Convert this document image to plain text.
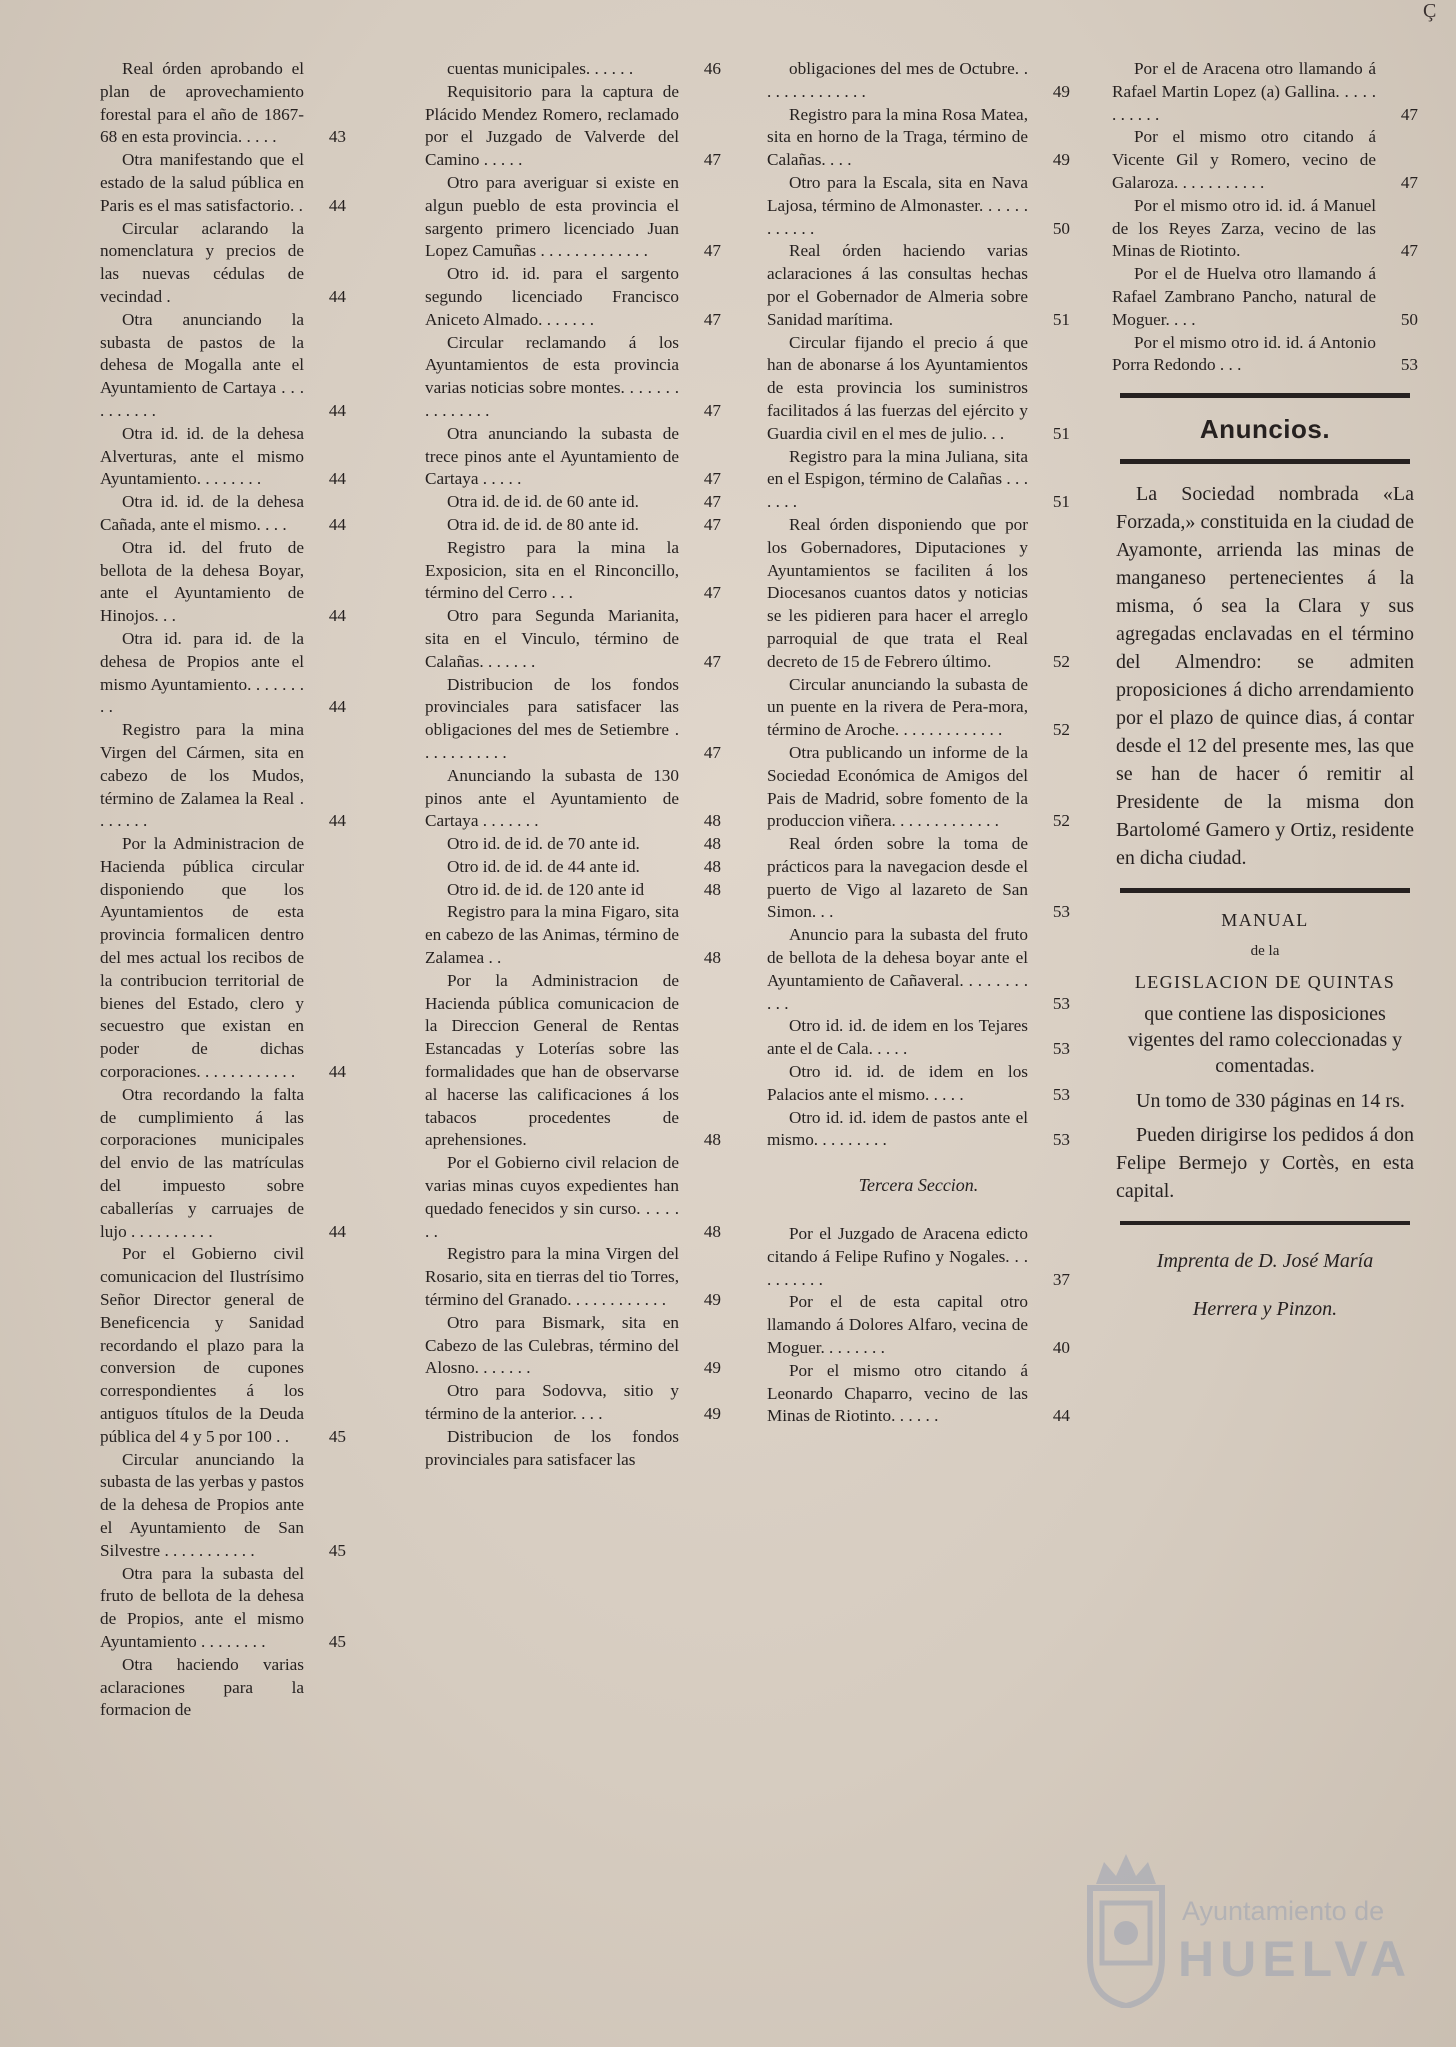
Real órden aprobando el plan de aprovechamiento forestal para el año de 1867-68 en esta provincia. . . . .	43
Otra manifestando que el estado de la salud pública en Paris es el mas satisfactorio. .	44
Circular aclarando la nomenclatura y precios de las nuevas cédulas de vecindad .	44
Otra anunciando la subasta de pastos de la dehesa de Mogalla ante el Ayuntamiento de Cartaya . . . . . . . . . .	44
Otra id. id. de la dehesa Alverturas, ante el mismo Ayuntamiento. . . . . . . .	44
Otra id. id. de la dehesa Cañada, ante el mismo. . . .	44
Otra id. del fruto de bellota de la dehesa Boyar, ante el Ayuntamiento de Hinojos. . .	44
Otra id. para id. de la dehesa de Propios ante el mismo Ayuntamiento. . . . . . . . .	44
Registro para la mina Virgen del Cármen, sita en cabezo de los Mudos, término de Zalamea la Real . . . . . . .	44
Por la Administracion de Hacienda pública circular disponiendo que los Ayuntamientos de esta provincia formalicen dentro del mes actual los recibos de la contribucion territorial de bienes del Estado, clero y secuestro que existan en poder de dichas corporaciones. . . . . . . . . . . .	44
Otra recordando la falta de cumplimiento á las corporaciones municipales del envio de las matrículas del impuesto sobre caballerías y carruajes de lujo . . . . . . . . . .	44
Por el Gobierno civil comunicacion del Ilustrísimo Señor Director general de Beneficencia y Sanidad recordando el plazo para la conversion de cupones correspondientes á los antiguos títulos de la Deuda pública del 4 y 5 por 100 . .	45
Circular anunciando la subasta de las yerbas y pastos de la dehesa de Propios ante el Ayuntamiento de San Silvestre . . . . . . . . . . .	45
Otra para la subasta del fruto de bellota de la dehesa de Propios, ante el mismo Ayuntamiento . . . . . . . .	45
Otra haciendo varias aclaraciones para la formacion de
cuentas municipales. . . . . .	46
Requisitorio para la captura de Plácido Mendez Romero, reclamado por el Juzgado de Valverde del Camino . . . . .	47
Otro para averiguar si existe en algun pueblo de esta provincia el sargento primero licenciado Juan Lopez Camuñas . . . . . . . . . . . . .	47
Otro id. id. para el sargento segundo licenciado Francisco Aniceto Almado. . . . . . .	47
Circular reclamando á los Ayuntamientos de esta provincia varias noticias sobre montes. . . . . . . . . . . . . . .	47
Otra anunciando la subasta de trece pinos ante el Ayuntamiento de Cartaya . . . . .	47
Otra id. de id. de 60 ante id.	47
Otra id. de id. de 80 ante id.	47
Registro para la mina la Exposicion, sita en el Rinconcillo, término del Cerro . . .	47
Otro para Segunda Marianita, sita en el Vinculo, término de Calañas. . . . . . .	47
Distribucion de los fondos provinciales para satisfacer las obligaciones del mes de Setiembre . . . . . . . . . . .	47
Anunciando la subasta de 130 pinos ante el Ayuntamiento de Cartaya . . . . . . .	48
Otro id. de id. de 70 ante id.	48
Otro id. de id. de 44 ante id.	48
Otro id. de id. de 120 ante id	48
Registro para la mina Figaro, sita en cabezo de las Animas, término de Zalamea . .	48
Por la Administracion de Hacienda pública comunicacion de la Direccion General de Rentas Estancadas y Loterías sobre las formalidades que han de observarse al hacerse las calificaciones á los tabacos procedentes de aprehensiones.	48
Por el Gobierno civil relacion de varias minas cuyos expedientes han quedado fenecidos y sin curso. . . . . . .	48
Registro para la mina Virgen del Rosario, sita en tierras del tio Torres, término del Granado. . . . . . . . . . . .	49
Otro para Bismark, sita en Cabezo de las Culebras, término del Alosno. . . . . . .	49
Otro para Sodovva, sitio y término de la anterior. . . .	49
Distribucion de los fondos provinciales para satisfacer las
obligaciones del mes de Octubre. . . . . . . . . . . . . .	49
Registro para la mina Rosa Matea, sita en horno de la Traga, término de Calañas. . . .	49
Otro para la Escala, sita en Nava Lajosa, término de Almonaster. . . . . . . . . . . .	50
Real órden haciendo varias aclaraciones á las consultas hechas por el Gobernador de Almeria sobre Sanidad marítima.	51
Circular fijando el precio á que han de abonarse á los Ayuntamientos de esta provincia los suministros facilitados á las fuerzas del ejército y Guardia civil en el mes de julio. . .	51
Registro para la mina Juliana, sita en el Espigon, término de Calañas . . . . . . .	51
Real órden disponiendo que por los Gobernadores, Diputaciones y Ayuntamientos se faciliten á los Diocesanos cuantos datos y noticias se les pidieren para hacer el arreglo parroquial de que trata el Real decreto de 15 de Febrero último.	52
Circular anunciando la subasta de un puente en la rivera de Pera-mora, término de Aroche. . . . . . . . . . . . .	52
Otra publicando un informe de la Sociedad Económica de Amigos del Pais de Madrid, sobre fomento de la produccion viñera. . . . . . . . . . . . .	52
Real órden sobre la toma de prácticos para la navegacion desde el puerto de Vigo al lazareto de San Simon. . .	53
Anuncio para la subasta del fruto de bellota de la dehesa boyar ante el Ayuntamiento de Cañaveral. . . . . . . . . . .	53
Otro id. id. de idem en los Tejares ante el de Cala. . . . .	53
Otro id. id. de idem en los Palacios ante el mismo. . . . .	53
Otro id. id. idem de pastos ante el mismo. . . . . . . . .	53
Tercera Seccion.
Por el Juzgado de Aracena edicto citando á Felipe Rufino y Nogales. . . . . . . . . .	37
Por el de esta capital otro llamando á Dolores Alfaro, vecina de Moguer. . . . . . . .	40
Por el mismo otro citando á Leonardo Chaparro, vecino de las Minas de Riotinto. . . . . .	44
Por el de Aracena otro llamando á Rafael Martin Lopez (a) Gallina. . . . . . . . . . .	47
Por el mismo otro citando á Vicente Gil y Romero, vecino de Galaroza. . . . . . . . . . .	47
Por el mismo otro id. id. á Manuel de los Reyes Zarza, vecino de las Minas de Riotinto.	47
Por el de Huelva otro llamando á Rafael Zambrano Pancho, natural de Moguer. . . .	50
Por el mismo otro id. id. á Antonio Porra Redondo . . .	53
Anuncios.

La Sociedad nombrada «La Forzada,» constituida en la ciudad de Ayamonte, arrienda las minas de manganeso pertenecientes á la misma, ó sea la Clara y sus agregadas enclavadas en el término del Almendro: se admiten proposiciones á dicho arrendamiento por el plazo de quince dias, á contar desde el 12 del presente mes, las que se han de hacer ó remitir al Presidente de la misma don Bartolomé Gamero y Ortiz, residente en dicha ciudad.

MANUAL
de la
LEGISLACION DE QUINTAS

que contiene las disposiciones vigentes del ramo coleccionadas y comentadas.

Un tomo de 330 páginas en 14 rs.

Pueden dirigirse los pedidos á don Felipe Bermejo y Cortès, en esta capital.

Imprenta de D. José María
Herrera y Pinzon.
Ç
Ayuntamiento de
HUELVA
